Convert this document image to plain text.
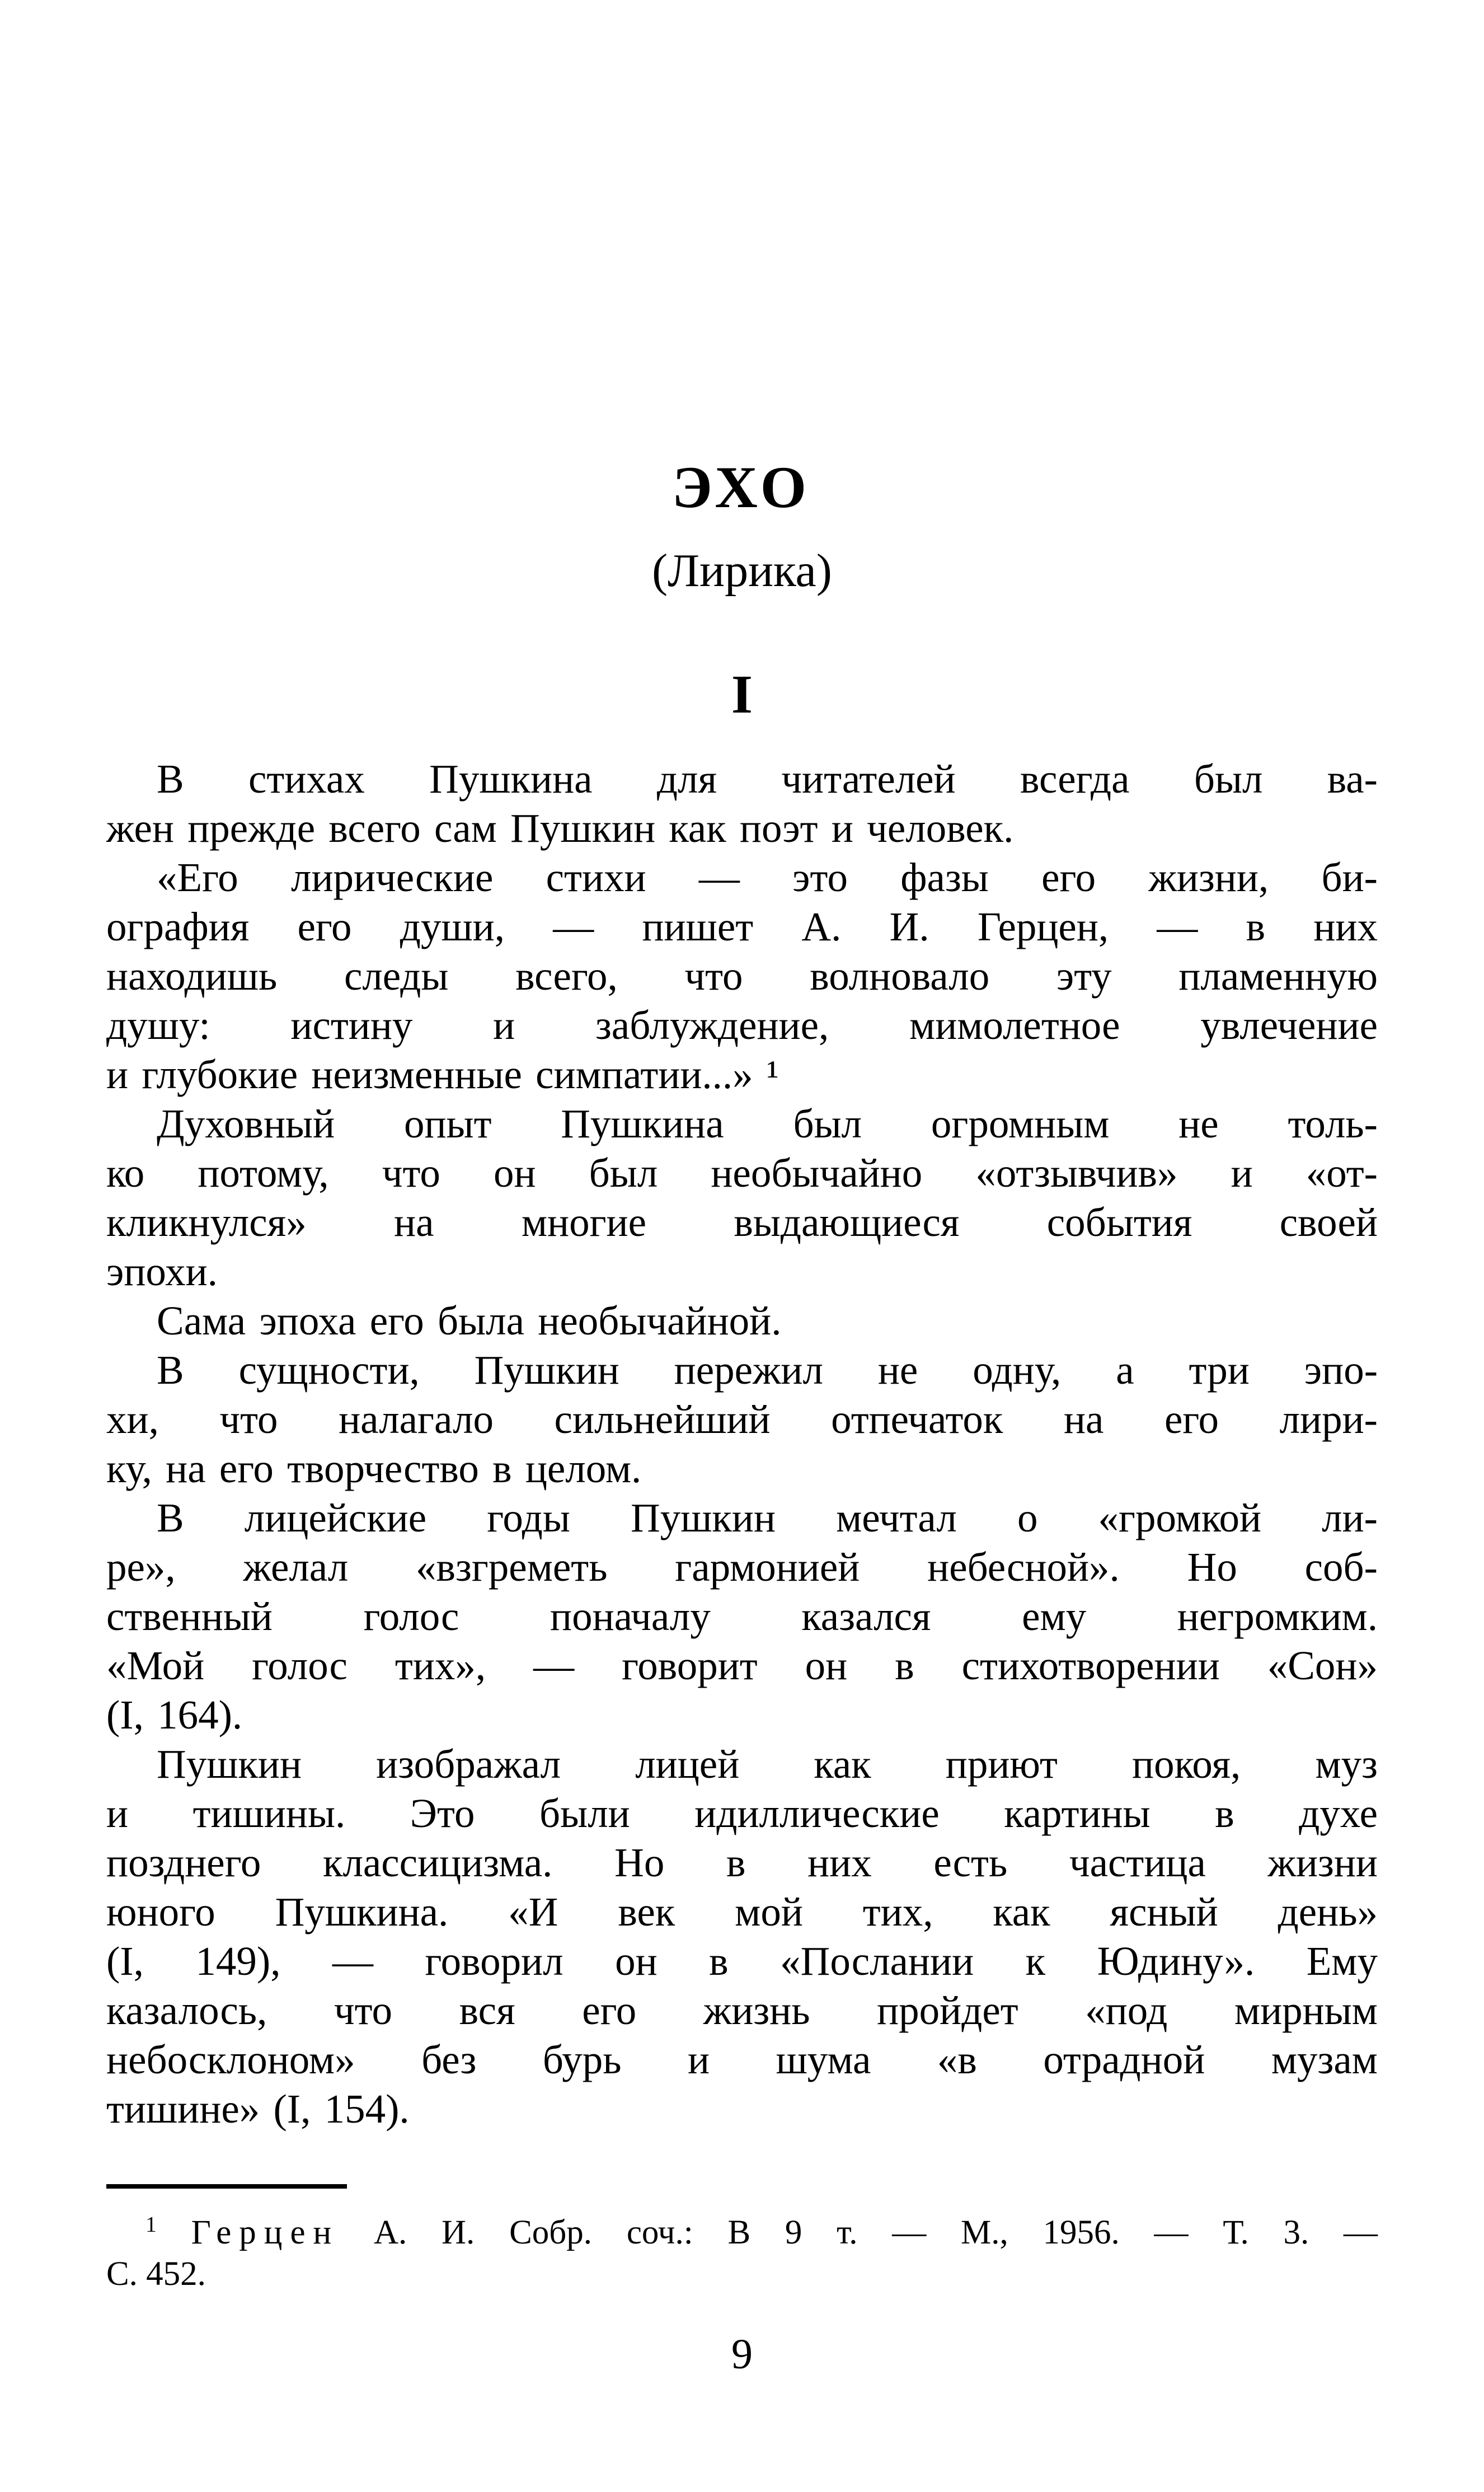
ЭХО
(Лирика)
I
В стихах Пушкина для читателей всегда был ва-
жен прежде всего сам Пушкин как поэт и человек.
«Его лирические стихи — это фазы его жизни, би-
ография его души, — пишет А. И. Герцен, — в них
находишь следы всего, что волновало эту пламенную
душу: истину и заблуждение, мимолетное увлечение
и глубокие неизменные симпатии...» ¹
Духовный опыт Пушкина был огромным не толь-
ко потому, что он был необычайно «отзывчив» и «от-
кликнулся» на многие выдающиеся события своей
эпохи.
Сама эпоха его была необычайной.
В сущности, Пушкин пережил не одну, а три эпо-
хи, что налагало сильнейший отпечаток на его лири-
ку, на его творчество в целом.
В лицейские годы Пушкин мечтал о «громкой ли-
ре», желал «взгреметь гармонией небесной». Но соб-
ственный голос поначалу казался ему негромким.
«Мой голос тих», — говорит он в стихотворении «Сон»
(I, 164).
Пушкин изображал лицей как приют покоя, муз
и тишины. Это были идиллические картины в духе
позднего классицизма. Но в них есть частица жизни
юного Пушкина. «И век мой тих, как ясный день»
(I, 149), — говорил он в «Послании к Юдину». Ему
казалось, что вся его жизнь пройдет «под мирным
небосклоном» без бурь и шума «в отрадной музам
тишине» (I, 154).
$^1$ Герцен А. И. Собр. соч.: В 9 т. — М., 1956. — Т. 3. —
С. 452.
9
